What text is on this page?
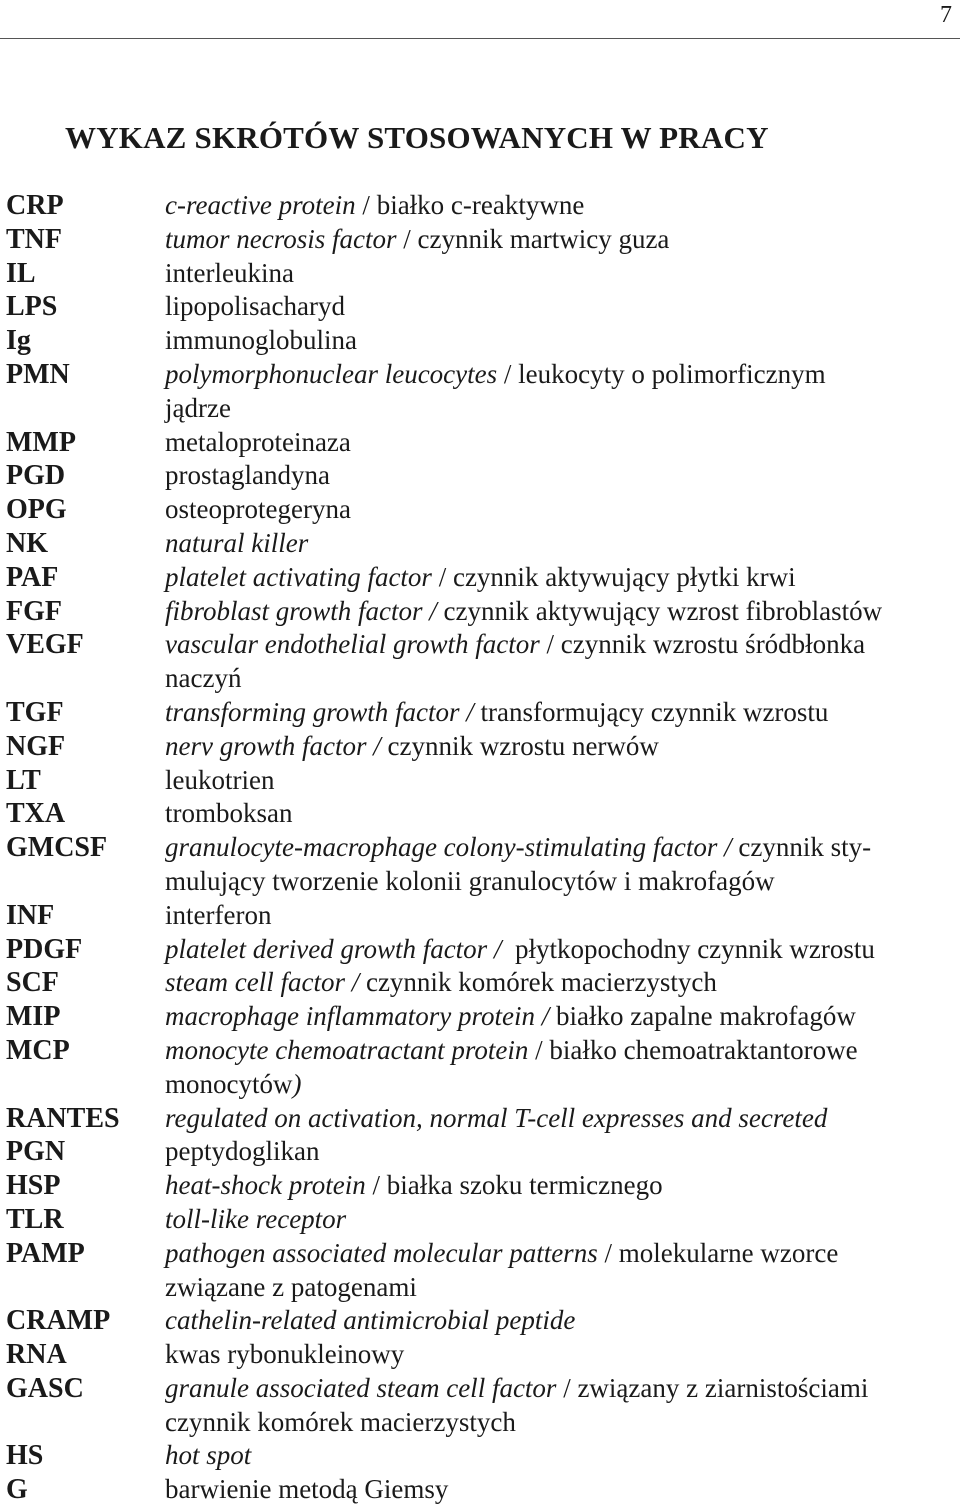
7
WYKAZ SKRÓTÓW STOSOWANYCH W PRACY
CRP	c-reactive protein / białko c-reaktywne
TNF	tumor necrosis factor / czynnik martwicy guza
IL	interleukina
LPS	lipopolisacharyd
Ig	immunoglobulina
PMN	polymorphonuclear leucocytes / leukocyty o polimorficznym
jądrze
MMP	metaloproteinaza
PGD	prostaglandyna
OPG	osteoprotegeryna
NK	natural killer
PAF	platelet activating factor / czynnik aktywujący płytki krwi
FGF	fibroblast growth factor / czynnik aktywujący wzrost fibroblastów
VEGF	vascular endothelial growth factor / czynnik wzrostu śródbłonka
naczyń
TGF	transforming growth factor / transformujący czynnik wzrostu
NGF	nerv growth factor / czynnik wzrostu nerwów
LT	leukotrien
TXA	tromboksan
GMCSF granulocyte-macrophage colony-stimulating factor / czynnik sty-
mulujący tworzenie kolonii granulocytów i makrofagów
INF	interferon
PDGF	platelet derived growth factor / płytkopochodny czynnik wzrostu
SCF	steam cell factor / czynnik komórek macierzystych
MIP	macrophage inflammatory protein / białko zapalne makrofagów
MCP	monocyte chemoatractant protein / białko chemoatraktantorowe
monocytów)
RANTES regulated on activation, normal T-cell expresses and secreted
PGN	peptydoglikan
HSP	heat-shock protein / białka szoku termicznego
TLR	toll-like receptor
PAMP	pathogen associated molecular patterns / molekularne wzorce
związane z patogenami
CRAMP cathelin-related antimicrobial peptide
RNA	kwas rybonukleinowy
GASC	granule associated steam cell factor / związany z ziarnistościami
czynnik komórek macierzystych
HS	hot spot
G	barwienie metodą Giemsy
